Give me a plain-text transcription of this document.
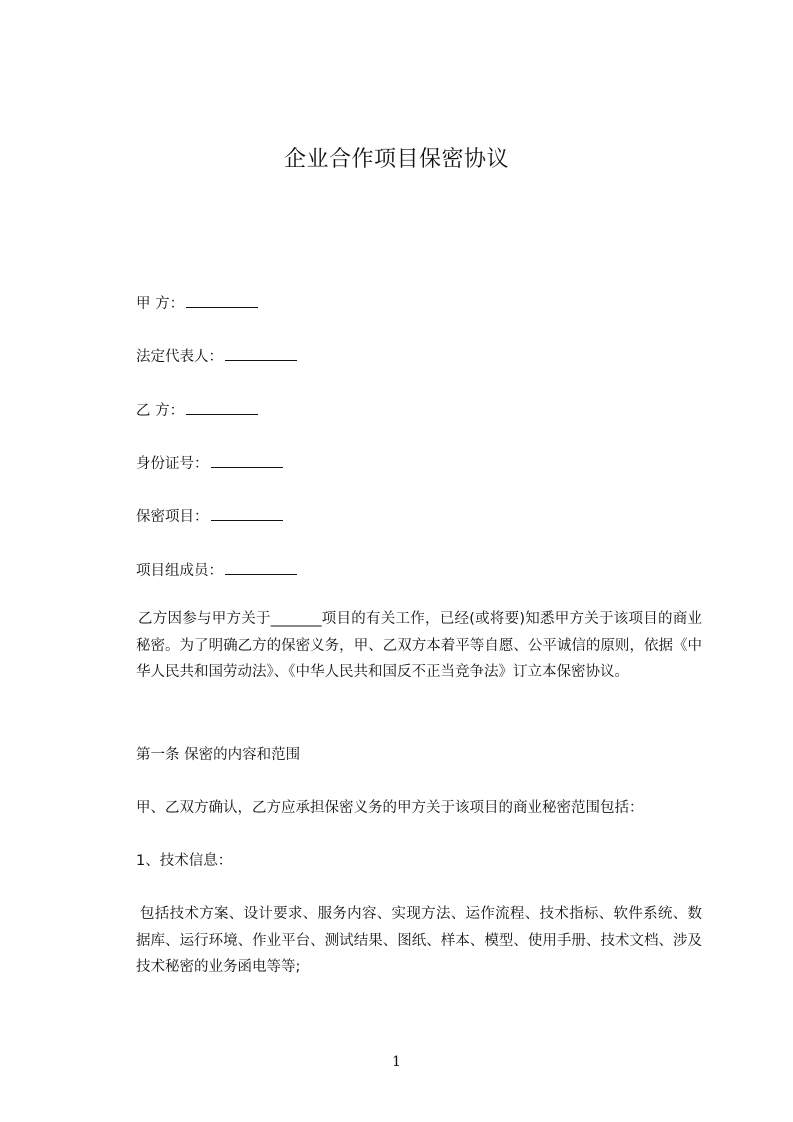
企业合作项目保密协议
甲 方：
法定代表人：
乙 方：
身份证号：
保密项目：
项目组成员：
乙方因参与甲方关于_______项目的有关工作，已经(或将要)知悉甲方关于该项目的商业秘密。为了明确乙方的保密义务，甲、乙双方本着平等自愿、公平诚信的原则，依据《中华人民共和国劳动法》、《中华人民共和国反不正当竞争法》订立本保密协议。
第一条 保密的内容和范围
甲、乙双方确认，乙方应承担保密义务的甲方关于该项目的商业秘密范围包括：
1、技术信息：
包括技术方案、设计要求、服务内容、实现方法、运作流程、技术指标、软件系统、数据库、运行环境、作业平台、测试结果、图纸、样本、模型、使用手册、技术文档、涉及技术秘密的业务函电等等;
1
